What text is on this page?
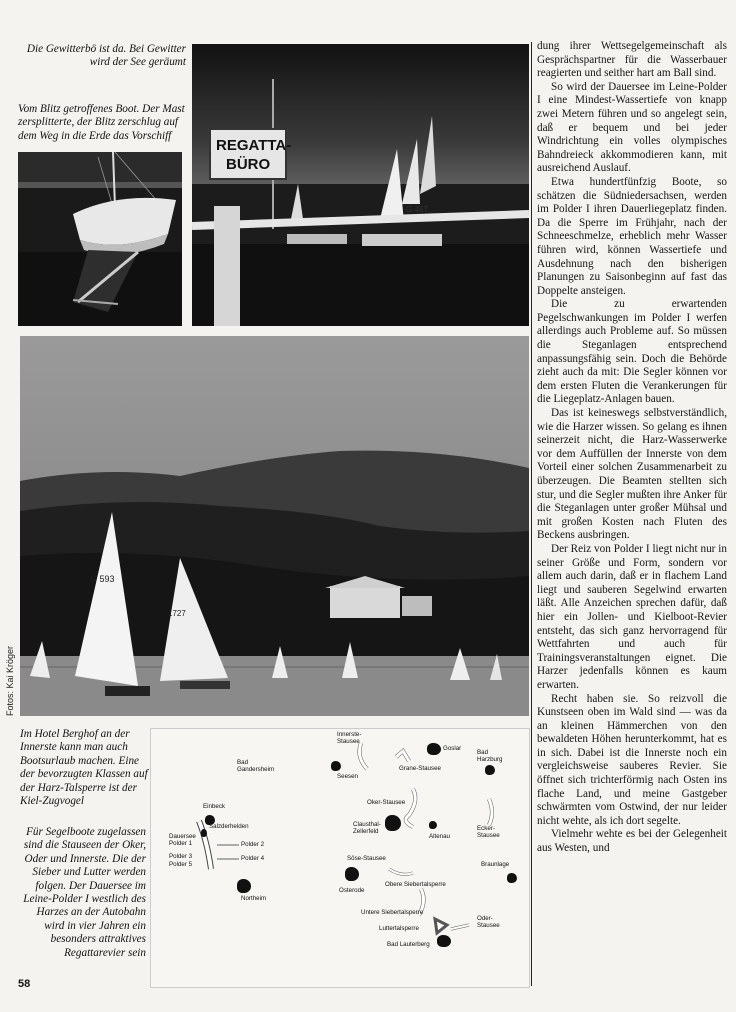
Die Gewitterbö ist da. Bei Gewitter wird der See geräumt
Vom Blitz getroffenes Boot. Der Mast zersplitterte, der Blitz zerschlug auf dem Weg in die Erde das Vorschiff
REGATTA-
BÜRO
G 467
G 593
1727
Fotos: Kai Kröger
Im Hotel Berghof an der Innerste kann man auch Bootsurlaub machen. Eine der bevorzugten Klassen auf der Harz-Talsperre ist der Kiel-Zugvogel
Für Segelboote zugelassen sind die Stauseen der Oker, Oder und Innerste. Die der Sieber und Lutter werden folgen. Der Dauersee im Leine-Polder I westlich des Harzes an der Autobahn wird in vier Jahren ein besonders attraktives Regattarevier sein
Innerste-
Stausee
Goslar
Bad
Harzburg
Bad
Gandersheim
Seesen
Grane-Stausee
Einbeck
Salzderhelden
Dauersee
Polder 1	Polder 2
Polder 3	Polder 4
Polder 5
Oker-Stausee
Clausthal-
Zellerfeld
Altenau
Ecker-
Stausee
Söse-Stausee
Braunlage
Osterode
Obere Siebertalsperre
Northeim
Untere Siebertalsperre
Oder-
Stausee
Luttertalsperre
Bad Lauterberg
58

dung ihrer Wettsegelgemeinschaft als Gesprächspartner für die Wasserbauer reagierten und seither hart am Ball sind.

So wird der Dauersee im Leine-Polder I eine Mindest-Wassertiefe von knapp zwei Metern führen und so angelegt sein, daß er bequem und bei jeder Windrichtung ein volles olympisches Bahndreieck akkommodieren kann, mit ausreichend Auslauf.

Etwa hundertfünfzig Boote, so schätzen die Südniedersachsen, werden im Polder I ihren Dauerliegeplatz finden. Da die Sperre im Frühjahr, nach der Schneeschmelze, erheblich mehr Wasser führen wird, können Wassertiefe und Ausdehnung nach den bisherigen Planungen zu Saisonbeginn auf fast das Doppelte ansteigen.

Die zu erwartenden Pegelschwankungen im Polder I werfen allerdings auch Probleme auf. So müssen die Steganlagen entsprechend anpassungsfähig sein. Doch die Behörde zieht auch da mit: Die Segler können vor dem ersten Fluten die Verankerungen für die Liegeplatz-Anlagen bauen.

Das ist keineswegs selbstverständlich, wie die Harzer wissen. So gelang es ihnen seinerzeit nicht, die Harz-Wasserwerke vor dem Auffüllen der Innerste von dem Vorteil einer solchen Zusammenarbeit zu überzeugen. Die Beamten stellten sich stur, und die Segler mußten ihre Anker für die Steganlagen unter großer Mühsal und mit großen Kosten nach Fluten des Beckens ausbringen.

Der Reiz von Polder I liegt nicht nur in seiner Größe und Form, sondern vor allem auch darin, daß er in flachem Land liegt und sauberen Segelwind erwarten läßt. Alle Anzeichen sprechen dafür, daß hier ein Jollen- und Kielboot-Revier entsteht, das sich ganz hervorragend für Wettfahrten und auch für Trainingsveranstaltungen eignet. Die Harzer jedenfalls können es kaum erwarten.

Recht haben sie. So reizvoll die Kunstseen oben im Wald sind — was da an kleinen Hämmerchen von den bewaldeten Höhen herunterkommt, hat es in sich. Dabei ist die Innerste noch ein vergleichsweise sauberes Revier. Sie öffnet sich trichterförmig nach Osten ins flache Land, und meine Gastgeber schwärmten vom Ostwind, der nur leider nicht wehte, als ich dort segelte.

Vielmehr wehte es bei der Gelegenheit aus Westen, und
